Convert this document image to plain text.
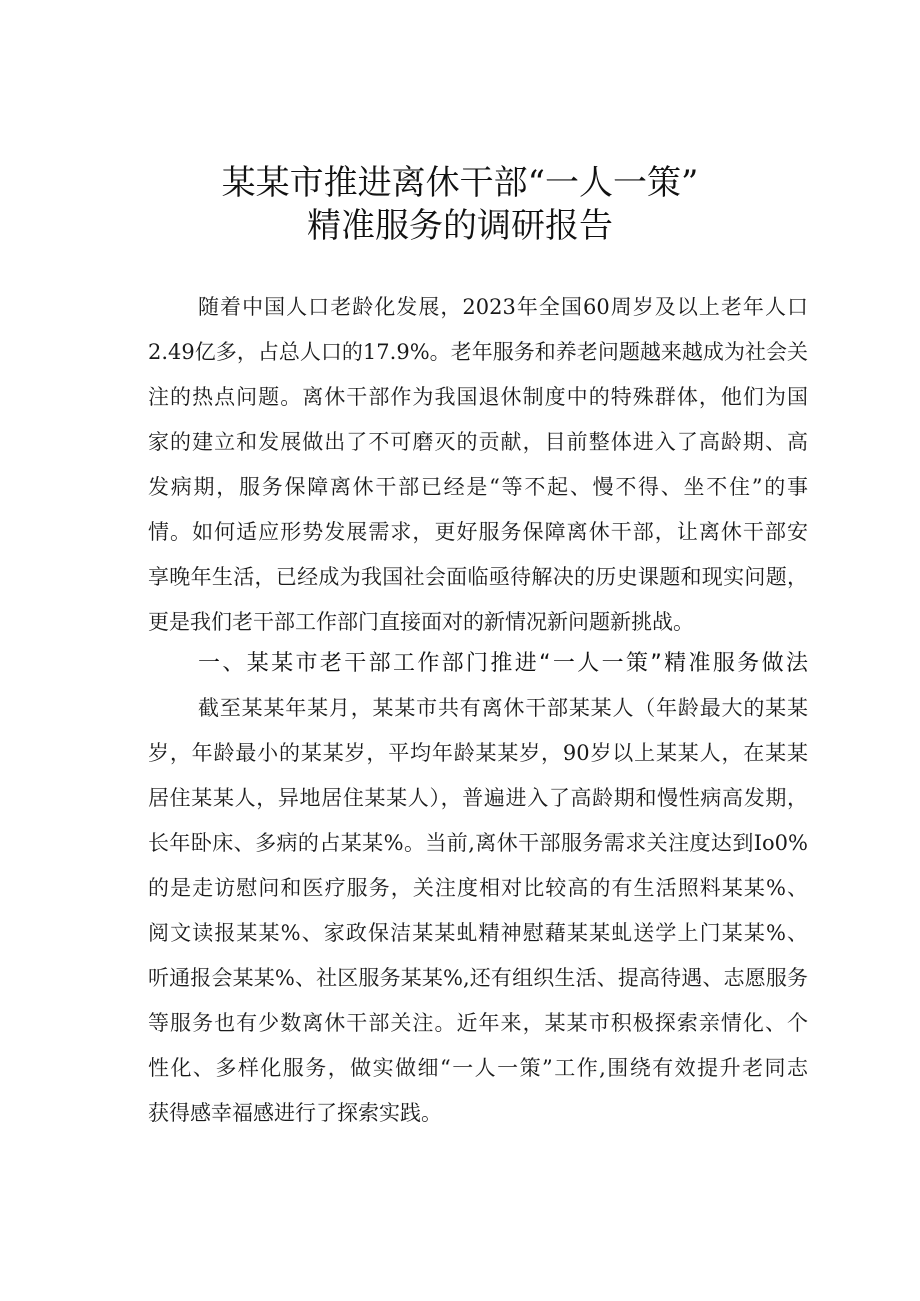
某某市推进离休干部“一人一策”
精准服务的调研报告
随着中国人口老龄化发展，2023年全国60周岁及以上老年人口
2.49亿多，占总人口的17.9%。老年服务和养老问题越来越成为社会关
注的热点问题。离休干部作为我国退休制度中的特殊群体，他们为国
家的建立和发展做出了不可磨灭的贡献，目前整体进入了高龄期、高
发病期，服务保障离休干部已经是“等不起、慢不得、坐不住”的事
情。如何适应形势发展需求，更好服务保障离休干部，让离休干部安
享晚年生活，已经成为我国社会面临亟待解决的历史课题和现实问题，
更是我们老干部工作部门直接面对的新情况新问题新挑战。
一、某某市老干部工作部门推进“一人一策”精准服务做法
截至某某年某月，某某市共有离休干部某某人（年龄最大的某某
岁，年龄最小的某某岁，平均年龄某某岁，90岁以上某某人，在某某
居住某某人，异地居住某某人），普遍进入了高龄期和慢性病高发期，
长年卧床、多病的占某某%。当前,离休干部服务需求关注度达到Io0%
的是走访慰问和医疗服务，关注度相对比较高的有生活照料某某%、
阅文读报某某%、家政保洁某某虬精神慰藉某某虬送学上门某某%、
听通报会某某%、社区服务某某%,还有组织生活、提高待遇、志愿服务
等服务也有少数离休干部关注。近年来，某某市积极探索亲情化、个
性化、多样化服务，做实做细“一人一策”工作,围绕有效提升老同志
获得感幸福感进行了探索实践。
